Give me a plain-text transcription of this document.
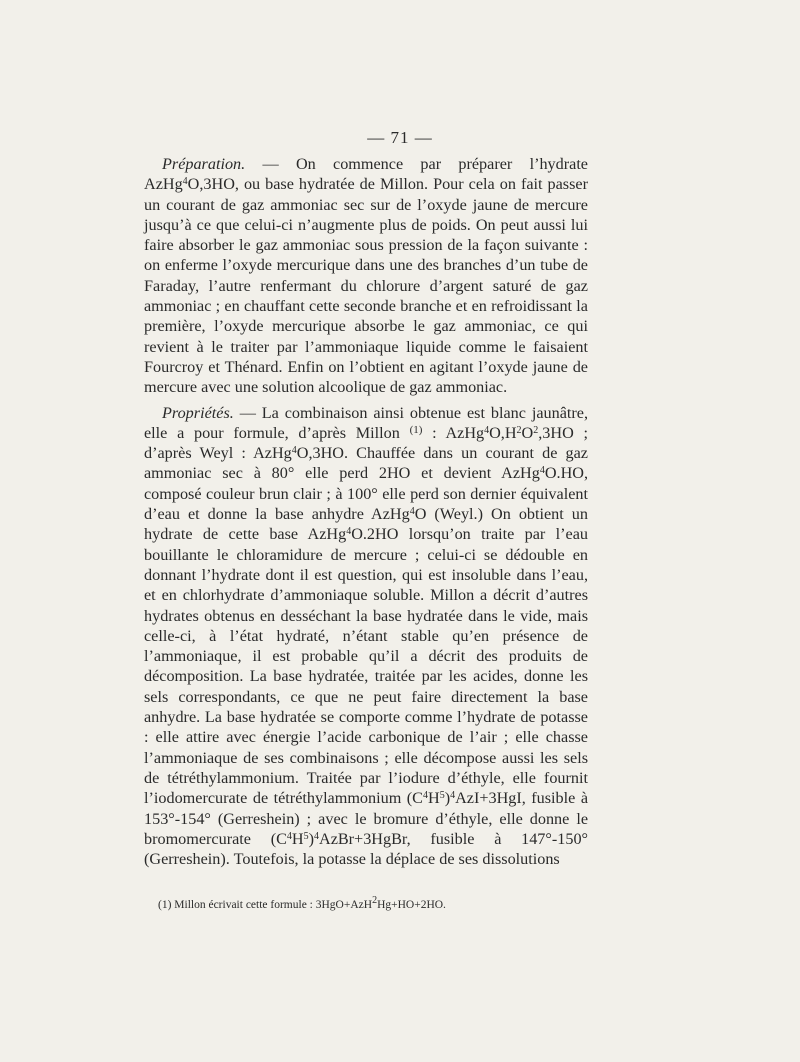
— 71 —

Préparation. — On commence par préparer l’hydrate AzHg$^4$O,3HO, ou base hydratée de Millon. Pour cela on fait passer un courant de gaz ammoniac sec sur de l’oxyde jaune de mercure jusqu’à ce que celui-ci n’augmente plus de poids. On peut aussi lui faire absorber le gaz ammoniac sous pression de la façon suivante : on enferme l’oxyde mercurique dans une des branches d’un tube de Faraday, l’autre renfermant du chlorure d’argent saturé de gaz ammoniac ; en chauffant cette seconde branche et en refroidissant la première, l’oxyde mercurique absorbe le gaz ammoniac, ce qui revient à le traiter par l’ammoniaque liquide comme le faisaient Fourcroy et Thénard. Enfin on l’obtient en agitant l’oxyde jaune de mercure avec une solution alcoolique de gaz ammoniac.

Propriétés. — La combinaison ainsi obtenue est blanc jaunâtre, elle a pour formule, d’après Millon $^{(1)}$ : $AzHg^4O,H^2O^2,3HO$ ; d’après Weyl : AzHg$^4$O,3HO. Chauffée dans un courant de gaz ammoniac sec à 80° elle perd 2HO et devient AzHg$^4$O.HO, composé couleur brun clair ; à 100° elle perd son dernier équivalent d’eau et donne la base anhydre AzHg$^4$O (Weyl.) On obtient un hydrate de cette base AzHg$^4$O.2HO lorsqu’on traite par l’eau bouillante le chloramidure de mercure ; celui-ci se dédouble en donnant l’hydrate dont il est question, qui est insoluble dans l’eau, et en chlorhydrate d’ammoniaque soluble. Millon a décrit d’autres hydrates obtenus en desséchant la base hydratée dans le vide, mais celle-ci, à l’état hydraté, n’étant stable qu’en présence de l’ammoniaque, il est probable qu’il a décrit des produits de décomposition. La base hydratée, traitée par les acides, donne les sels correspondants, ce que ne peut faire directement la base anhydre. La base hydratée se comporte comme l’hydrate de potasse : elle attire avec énergie l’acide carbonique de l’air ; elle chasse l’ammoniaque de ses combinaisons ; elle décompose aussi les sels de tétréthylammonium. Traitée par l’iodure d’éthyle, elle fournit l’iodomercurate de tétréthylammonium $(C^4H^5)^4AzI+3HgI$, fusible à 153°-154° (Gerreshein) ; avec le bromure d’éthyle, elle donne le bromomercurate $(C^4H^5)^4AzBr+3HgBr$, fusible à 147°-150° (Gerreshein). Toutefois, la potasse la déplace de ses dissolutions

(1) Millon écrivait cette formule : 3HgO+AzH$^2$Hg+HO+2HO.
